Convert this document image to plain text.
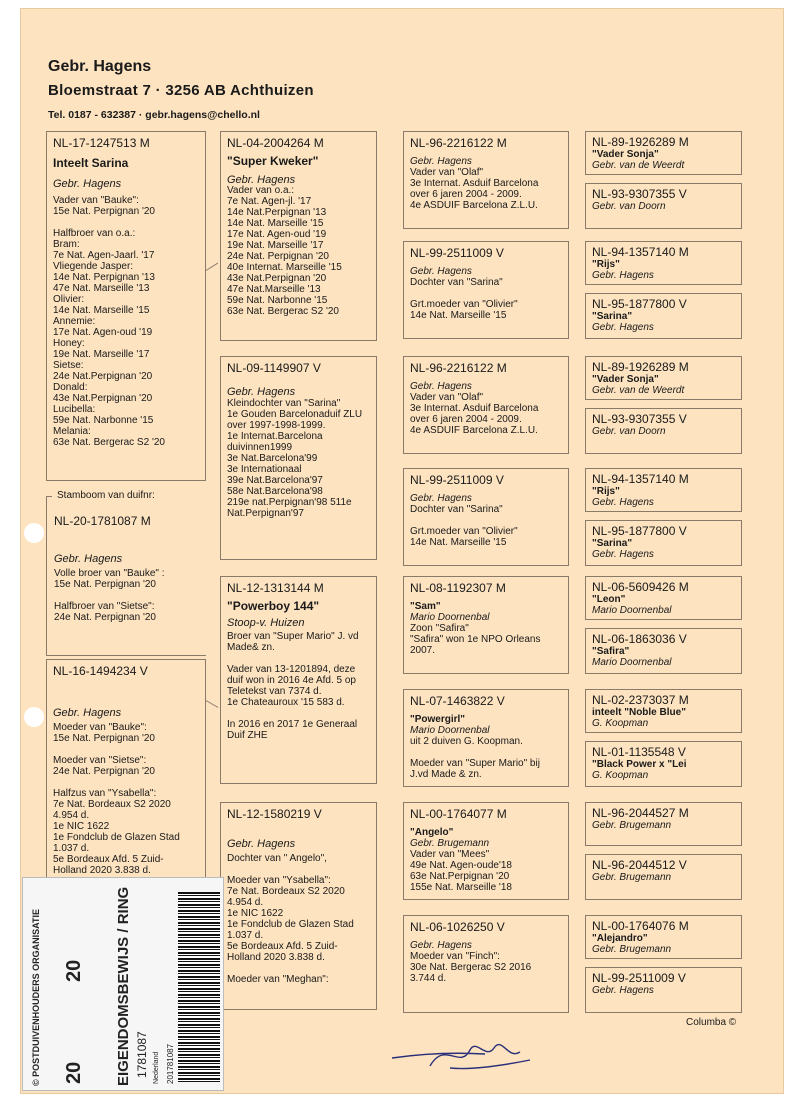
Gebr. Hagens
Bloemstraat 7 · 3256 AB Achthuizen
Tel. 0187 - 632387 · gebr.hagens@chello.nl
NL-17-1247513 M
Inteelt Sarina
Gebr. Hagens
Vader van "Bauke":
15e Nat. Perpignan '20

Halfbroer van o.a.:
Bram:
7e Nat. Agen-Jaarl. '17
Vliegende Jasper:
14e Nat. Perpignan '13
47e Nat. Marseille '13
Olivier:
14e Nat. Marseille '15
Annemie:
17e Nat. Agen-oud '19
Honey:
19e Nat. Marseille '17
Sietse:
24e Nat.Perpignan '20
Donald:
43e Nat.Perpignan '20
Lucibella:
59e Nat. Narbonne '15
Melania:
63e Nat. Bergerac S2 '20
Stamboom van duifnr:
NL-20-1781087 M
Gebr. Hagens
Volle broer van "Bauke" :
15e Nat. Perpignan '20

Halfbroer van "Sietse":
24e Nat. Perpignan '20
NL-16-1494234 V
Gebr. Hagens
Moeder van "Bauke":
15e Nat. Perpignan '20

Moeder van "Sietse":
24e Nat. Perpignan '20

Halfzus van "Ysabella":
7e Nat. Bordeaux S2 2020
4.954 d.
1e NIC 1622
1e Fondclub de Glazen Stad
1.037 d.
5e Bordeaux Afd. 5 Zuid-
Holland 2020 3.838 d.
NL-04-2004264 M
"Super Kweker"
Gebr. Hagens
Vader van o.a.:
7e Nat. Agen-jl. '17
14e Nat.Perpignan '13
14e Nat. Marseille '15
17e Nat. Agen-oud '19
19e Nat. Marseille '17
24e Nat. Perpignan '20
40e Internat. Marseille '15
43e Nat.Perpignan '20
47e Nat.Marseille '13
59e Nat. Narbonne '15
63e Nat. Bergerac S2 '20
NL-09-1149907 V
Gebr. Hagens
Kleindochter van "Sarina"
1e Gouden Barcelonaduif ZLU
over 1997-1998-1999.
1e Internat.Barcelona
duivinnen1999
3e Nat.Barcelona'99
3e Internationaal
39e Nat.Barcelona'97
58e Nat.Barcelona'98
219e nat.Perpignan'98 511e
Nat.Perpignan'97
NL-12-1313144 M
"Powerboy 144"
Stoop-v. Huizen
Broer van "Super Mario" J. vd
Made& zn.

Vader van 13-1201894, deze
duif won in 2016 4e Afd. 5 op
Teletekst van 7374 d.
1e Chateauroux '15 583 d.

In 2016 en 2017 1e Generaal
Duif ZHE
NL-12-1580219 V
Gebr. Hagens
Dochter van " Angelo",

Moeder van "Ysabella":
7e Nat. Bordeaux S2 2020
4.954 d.
1e NIC 1622
1e Fondclub de Glazen Stad
1.037 d.
5e Bordeaux Afd. 5 Zuid-
Holland 2020 3.838 d.

Moeder van "Meghan":
NL-96-2216122 M
Gebr. Hagens
Vader van "Olaf"
3e Internat. Asduif Barcelona
over 6 jaren 2004 - 2009.
4e ASDUIF Barcelona Z.L.U.
NL-99-2511009 V
Gebr. Hagens
Dochter van "Sarina"

Grt.moeder van "Olivier"
14e Nat. Marseille '15
NL-96-2216122 M
Gebr. Hagens
Vader van "Olaf"
3e Internat. Asduif Barcelona
over 6 jaren 2004 - 2009.
4e ASDUIF Barcelona Z.L.U.
NL-99-2511009 V
Gebr. Hagens
Dochter van "Sarina"

Grt.moeder van "Olivier"
14e Nat. Marseille '15
NL-08-1192307 M
"Sam"
Mario Doornenbal
Zoon "Safira"
"Safira" won 1e NPO Orleans
2007.
NL-07-1463822 V
"Powergirl"
Mario Doornenbal
uit 2 duiven G. Koopman.

Moeder van "Super Mario" bij
J.vd Made & zn.
NL-00-1764077 M
"Angelo"
Gebr. Brugemann
Vader van "Mees"
49e Nat. Agen-oude'18
63e Nat.Perpignan '20
155e Nat. Marseille '18
NL-06-1026250 V
Gebr. Hagens
Moeder van "Finch":
30e Nat. Bergerac S2 2016
3.744 d.
NL-89-1926289 M
"Vader Sonja"
Gebr. van de Weerdt
NL-93-9307355 V
Gebr. van Doorn
NL-94-1357140 M
"Rijs"
Gebr. Hagens
NL-95-1877800 V
"Sarina"
Gebr. Hagens
NL-89-1926289 M
"Vader Sonja"
Gebr. van de Weerdt
NL-93-9307355 V
Gebr. van Doorn
NL-94-1357140 M
"Rijs"
Gebr. Hagens
NL-95-1877800 V
"Sarina"
Gebr. Hagens
NL-06-5609426 M
"Leon"
Mario Doornenbal
NL-06-1863036 V
"Safira"
Mario Doornenbal
NL-02-2373037 M
inteelt "Noble Blue"
G. Koopman
NL-01-1135548 V
"Black Power x "Lei
G. Koopman
NL-96-2044527 M
Gebr. Brugemann
NL-96-2044512 V
Gebr. Brugemann
NL-00-1764076 M
"Alejandro"
Gebr. Brugemann
NL-99-2511009 V
Gebr. Hagens
Columba ©
© POSTDUIVENHOUDERS ORGANISATIE	EIGENDOMSBEWIJS / RING
20
20	1781087 Nederland 201781087
